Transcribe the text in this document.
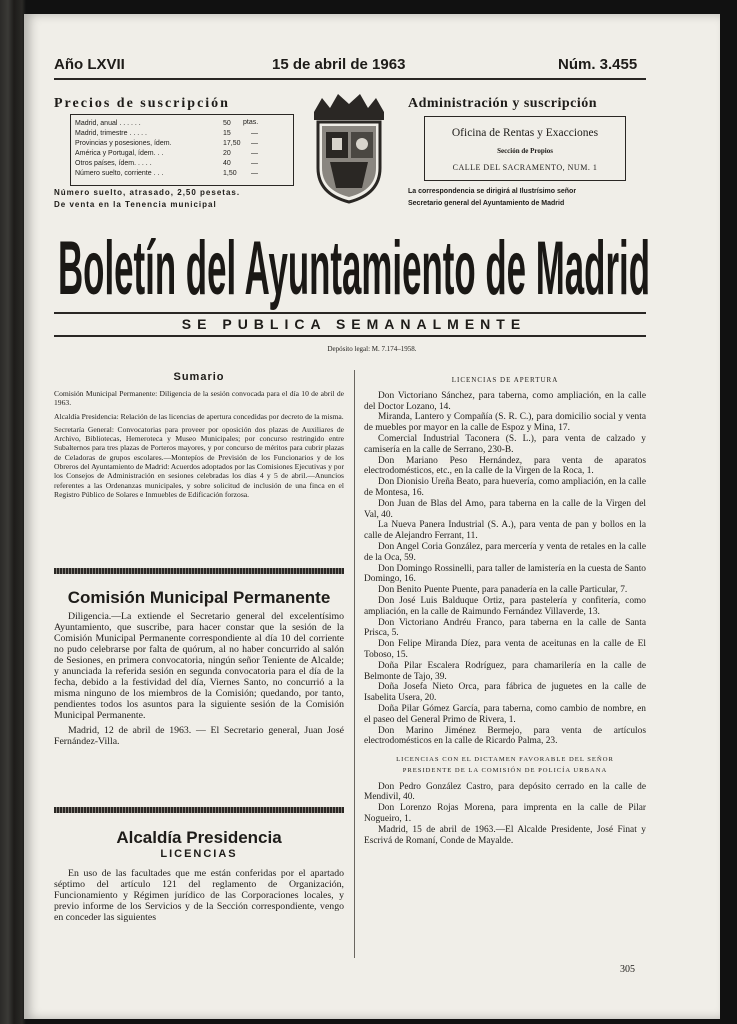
Año LXVII	15 de abril de 1963	Núm. 3.455
Precios de suscripción
ptas.
Madrid, anual . . . . . .	50
Madrid, trimestre . . . . .	15	—
Provincias y posesiones, ídem.	17,50 —
América y Portugal, ídem. . .	20	—
Otros países, ídem. . . . .	40	—
Número suelto, corriente . . .	1,50 —
Número suelto, atrasado, 2,50 pesetas.
De venta en la Tenencia municipal
Administración y suscripción
Oficina de Rentas y Exacciones
Sección de Propios
CALLE DEL SACRAMENTO, NUM. 1
La correspondencia se dirigirá al Ilustrísimo señor
Secretario general del Ayuntamiento de Madrid
Boletín del Ayuntamiento de Madrid
SE PUBLICA SEMANALMENTE
Depósito legal: M. 7.174–1958.
Sumario
Comisión Municipal Permanente: Diligencia de la sesión convocada para el día 10 de abril de 1963.
Alcaldía Presidencia: Relación de las licencias de apertura concedidas por decreto de la misma.
Secretaría General: Convocatorias para proveer por oposición dos plazas de Auxiliares de Archivo, Bibliotecas, Hemeroteca y Museo Municipales; por concurso restringido entre Subalternos para tres plazas de Porteros mayores, y por concurso de méritos para cubrir plazas de Celadoras de grupos escolares.—Montepíos de Previsión de los Funcionarios y de los Obreros del Ayuntamiento de Madrid: Acuerdos adoptados por las Comisiones Ejecutivas y por los Consejos de Administración en sesiones celebradas los días 4 y 5 de abril.—Anuncios referentes a las Ordenanzas municipales, y sobre solicitud de inclusión de una finca en el Registro Público de Solares e Inmuebles de Edificación forzosa.
Comisión Municipal Permanente

Diligencia.—La extiende el Secretario general del excelentísimo Ayuntamiento, que suscribe, para hacer constar que la sesión de la Comisión Municipal Permanente correspondiente al día 10 del corriente no pudo celebrarse por falta de quórum, al no haber concurrido al salón de Sesiones, en primera convocatoria, ningún señor Teniente de Alcalde; y anunciada la referida sesión en segunda convocatoria para el día de la fecha, debido a la festividad del día, Viernes Santo, no concurrió a la misma ninguno de los miembros de la Comisión; quedando, por tanto, pendientes todos los asuntos para la siguiente sesión de la Comisión Municipal Permanente.

Madrid, 12 de abril de 1963. — El Secretario general, Juan José Fernández-Villa.

Alcaldía Presidencia
LICENCIAS

En uso de las facultades que me están conferidas por el apartado séptimo del artículo 121 del reglamento de Organización, Funcionamiento y Régimen jurídico de las Corporaciones locales, y previo informe de los Servicios y de la Sección correspondiente, vengo en conceder las siguientes

LICENCIAS DE APERTURA

Don Victoriano Sánchez, para taberna, como ampliación, en la calle del Doctor Lozano, 14.

Miranda, Lantero y Compañía (S. R. C.), para domicilio social y venta de muebles por mayor en la calle de Espoz y Mina, 17.

Comercial Industrial Taconera (S. L.), para venta de calzado y camisería en la calle de Serrano, 230-B.

Don Mariano Peso Hernández, para venta de aparatos electrodomésticos, etc., en la calle de la Virgen de la Roca, 1.

Don Dionisio Ureña Beato, para huevería, como ampliación, en la calle de Montesa, 16.

Don Juan de Blas del Amo, para taberna en la calle de la Virgen del Val, 40.

La Nueva Panera Industrial (S. A.), para venta de pan y bollos en la calle de Alejandro Ferrant, 11.

Don Angel Coria González, para mercería y venta de retales en la calle de la Oca, 59.

Don Domingo Rossinelli, para taller de lamistería en la cuesta de Santo Domingo, 16.

Don Benito Puente Puente, para panadería en la calle Particular, 7.

Don José Luis Balduque Ortiz, para pastelería y confitería, como ampliación, en la calle de Raimundo Fernández Villaverde, 13.

Don Victoriano Andréu Franco, para taberna en la calle de Santa Prisca, 5.

Don Felipe Miranda Díez, para venta de aceitunas en la calle de El Toboso, 15.

Doña Pilar Escalera Rodríguez, para chamarilería en la calle de Belmonte de Tajo, 39.

Doña Josefa Nieto Orca, para fábrica de juguetes en la calle de Isabelita Usera, 20.

Doña Pilar Gómez García, para taberna, como cambio de nombre, en el paseo del General Primo de Rivera, 1.

Don Marino Jiménez Bermejo, para venta de artículos electrodomésticos en la calle de Ricardo Palma, 23.

LICENCIAS CON EL DICTAMEN FAVORABLE DEL SEÑOR PRESIDENTE DE LA COMISIÓN DE POLICÍA URBANA

Don Pedro González Castro, para depósito cerrado en la calle de Mendivil, 40.

Don Lorenzo Rojas Morena, para imprenta en la calle de Pilar Nogueiro, 1.

Madrid, 15 de abril de 1963.—El Alcalde Presidente, José Finat y Escrivá de Romaní, Conde de Mayalde.

305
